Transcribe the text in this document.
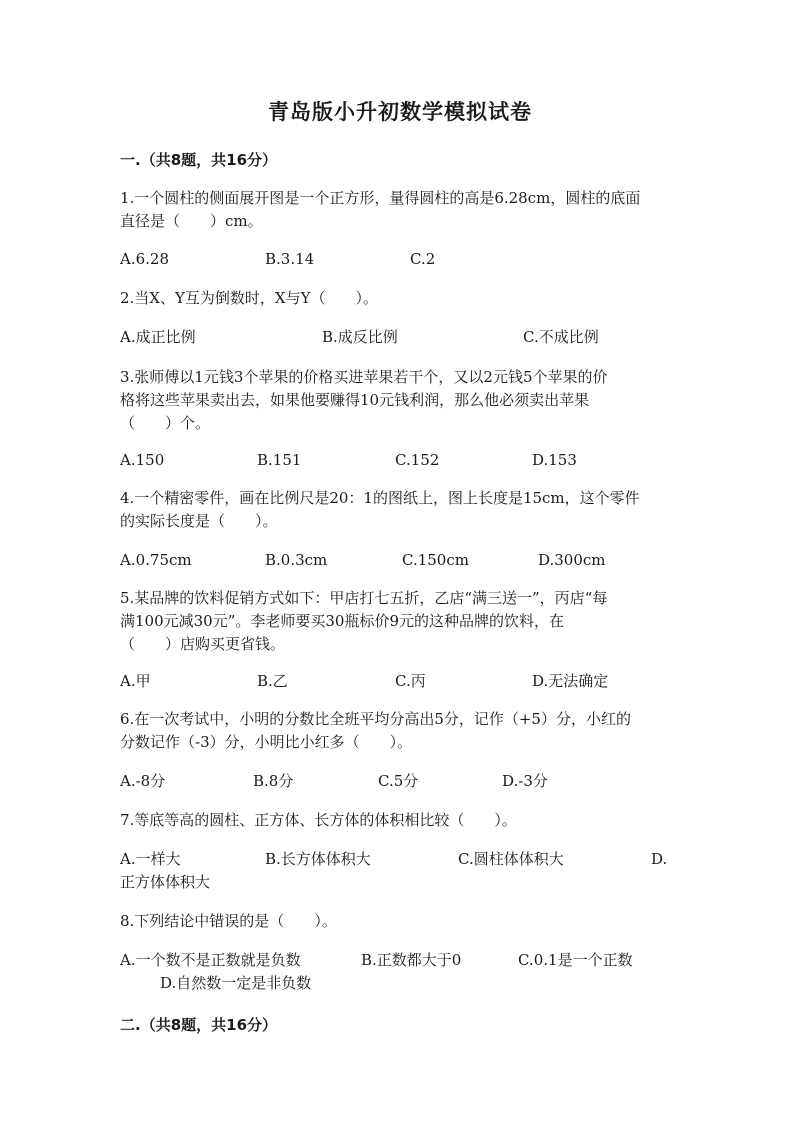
青岛版小升初数学模拟试卷
一.（共8题，共16分）
1.一个圆柱的侧面展开图是一个正方形，量得圆柱的高是6.28cm，圆柱的底面
直径是（　　）cm。
A.6.28	B.3.14	C.2
2.当X、Y互为倒数时，X与Y（　　）。
A.成正比例	B.成反比例	C.不成比例
3.张师傅以1元钱3个苹果的价格买进苹果若干个，又以2元钱5个苹果的价
格将这些苹果卖出去，如果他要赚得10元钱利润，那么他必须卖出苹果
（　　）个。
A.150	B.151	C.152	D.153
4.一个精密零件，画在比例尺是20：1的图纸上，图上长度是15cm，这个零件
的实际长度是（　　）。
A.0.75cm	B.0.3cm	C.150cm	D.300cm
5.某品牌的饮料促销方式如下：甲店打七五折，乙店“满三送一”，丙店“每
满100元减30元”。李老师要买30瓶标价9元的这种品牌的饮料，在
（　　）店购买更省钱。
A.甲	B.乙	C.丙	D.无法确定
6.在一次考试中，小明的分数比全班平均分高出5分，记作（+5）分，小红的
分数记作（-3）分，小明比小红多（　　）。
A.-8分	B.8分	C.5分	D.-3分
7.等底等高的圆柱、正方体、长方体的体积相比较（　　）。
A.一样大	B.长方体体积大	C.圆柱体体积大	D.
正方体体积大
8.下列结论中错误的是（　　）。
A.一个数不是正数就是负数	B.正数都大于0	C.0.1是一个正数
D.自然数一定是非负数
二.（共8题，共16分）
